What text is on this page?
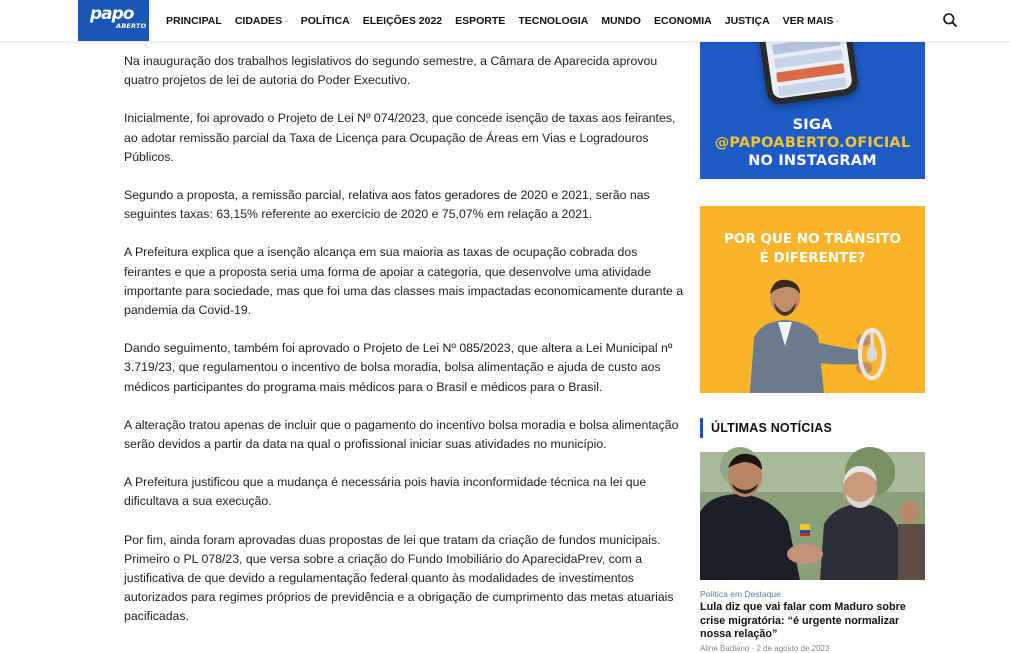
papo
ABERTO PRINCIPAL CIDADES · POLÍTICA ELEIÇÕES 2022 ESPORTE TECNOLOGIA MUNDO ECONOMIA JUSTIÇA VER MAIS ·

Na inauguração dos trabalhos legislativos do segundo semestre, a Câmara de Aparecida aprovou quatro projetos de lei de autoria do Poder Executivo.

Inicialmente, foi aprovado o Projeto de Lei Nº 074/2023, que concede isenção de taxas aos feirantes, ao adotar remissão parcial da Taxa de Licença para Ocupação de Áreas em Vias e Logradouros Públicos.

Segundo a proposta, a remissão parcial, relativa aos fatos geradores de 2020 e 2021, serão nas seguintes taxas: 63,15% referente ao exercício de 2020 e 75,07% em relação a 2021.

A Prefeitura explica que a isenção alcança em sua maioria as taxas de ocupação cobrada dos feirantes e que a proposta seria uma forma de apoiar a categoria, que desenvolve uma atividade importante para sociedade, mas que foi uma das classes mais impactadas economicamente durante a pandemia da Covid-19.

Dando seguimento, também foi aprovado o Projeto de Lei Nº 085/2023, que altera a Lei Municipal nº 3.719/23, que regulamentou o incentivo de bolsa moradia, bolsa alimentação e ajuda de custo aos médicos participantes do programa mais médicos para o Brasil e médicos para o Brasil.

A alteração tratou apenas de incluir que o pagamento do incentivo bolsa moradia e bolsa alimentação serão devidos a partir da data na qual o profissional iniciar suas atividades no município.

A Prefeitura justificou que a mudança é necessária pois havia inconformidade técnica na lei que dificultava a sua execução.

Por fim, ainda foram aprovadas duas propostas de lei que tratam da criação de fundos municipais. Primeiro o PL 078/23, que versa sobre a criação do Fundo Imobiliário do AparecidaPrev, com a justificativa de que devido a regulamentação federal quanto às modalidades de investimentos autorizados para regimes próprios de previdência e a obrigação de cumprimento das metas atuariais pacificadas.

SIGA
@PAPOABERTO.OFICIAL
NO INSTAGRAM
POR QUE NO TRÂNSITO
É DIFERENTE?
ÚLTIMAS NOTÍCIAS
Política em Destaque
Lula diz que vai falar com Maduro sobre crise migratória: “é urgente normalizar nossa relação”
Aline Badiano · 2 de agosto de 2023
